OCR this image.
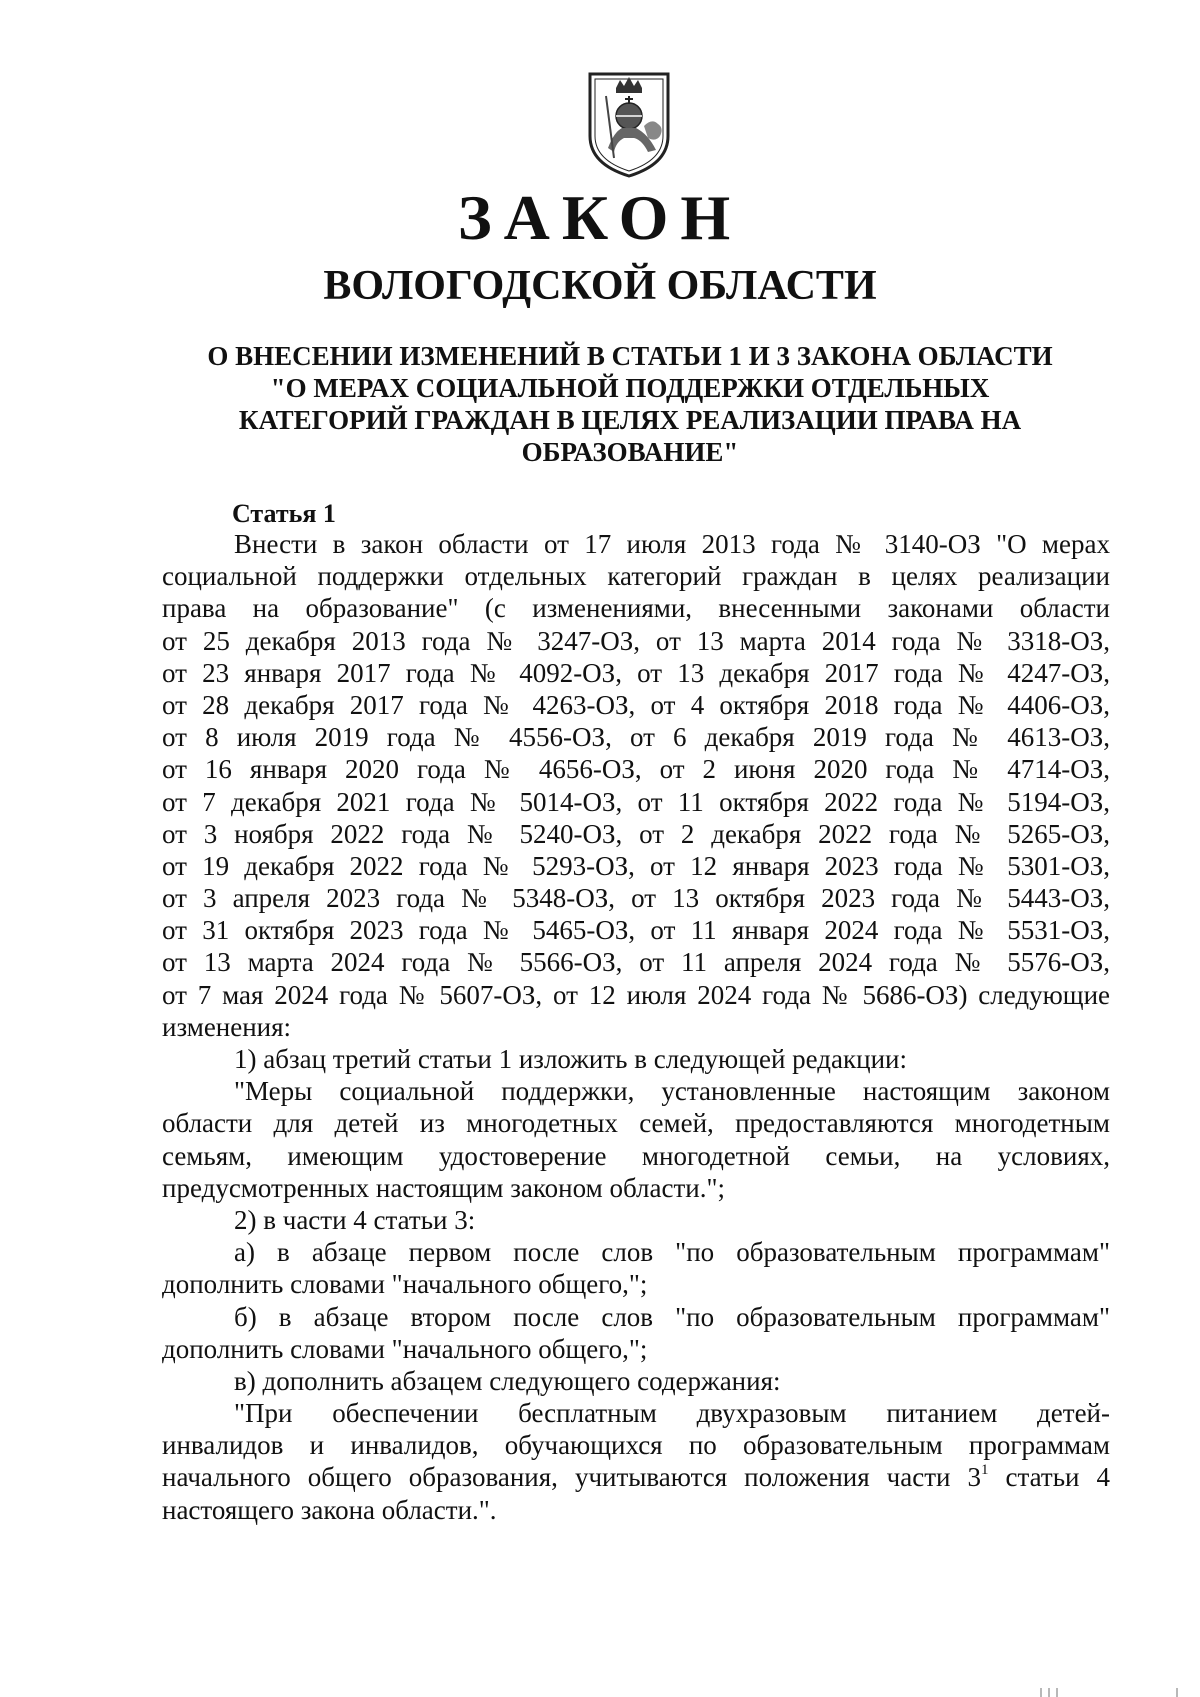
ЗАКОН
ВОЛОГОДСКОЙ ОБЛАСТИ
О ВНЕСЕНИИ ИЗМЕНЕНИЙ В СТАТЬИ 1 И 3 ЗАКОНА ОБЛАСТИ
"О МЕРАХ СОЦИАЛЬНОЙ ПОДДЕРЖКИ ОТДЕЛЬНЫХ
КАТЕГОРИЙ ГРАЖДАН В ЦЕЛЯХ РЕАЛИЗАЦИИ ПРАВА НА
ОБРАЗОВАНИЕ"
Статья 1
Внести в закон области от 17 июля 2013 года № 3140-ОЗ "О мерах
социальной поддержки отдельных категорий граждан в целях реализации
права на образование" (с изменениями, внесенными законами области
от 25 декабря 2013 года № 3247-ОЗ, от 13 марта 2014 года № 3318-ОЗ,
от 23 января 2017 года № 4092-ОЗ, от 13 декабря 2017 года № 4247-ОЗ,
от 28 декабря 2017 года № 4263-ОЗ, от 4 октября 2018 года № 4406-ОЗ,
от 8 июля 2019 года № 4556-ОЗ, от 6 декабря 2019 года № 4613-ОЗ,
от 16 января 2020 года № 4656-ОЗ, от 2 июня 2020 года № 4714-ОЗ,
от 7 декабря 2021 года № 5014-ОЗ, от 11 октября 2022 года № 5194-ОЗ,
от 3 ноября 2022 года № 5240-ОЗ, от 2 декабря 2022 года № 5265-ОЗ,
от 19 декабря 2022 года № 5293-ОЗ, от 12 января 2023 года № 5301-ОЗ,
от 3 апреля 2023 года № 5348-ОЗ, от 13 октября 2023 года № 5443-ОЗ,
от 31 октября 2023 года № 5465-ОЗ, от 11 января 2024 года № 5531-ОЗ,
от 13 марта 2024 года № 5566-ОЗ, от 11 апреля 2024 года № 5576-ОЗ,
от 7 мая 2024 года № 5607-ОЗ, от 12 июля 2024 года № 5686-ОЗ) следующие
изменения:
1) абзац третий статьи 1 изложить в следующей редакции:
"Меры социальной поддержки, установленные настоящим законом
области для детей из многодетных семей, предоставляются многодетным
семьям, имеющим удостоверение многодетной семьи, на условиях,
предусмотренных настоящим законом области.";
2) в части 4 статьи 3:
а) в абзаце первом после слов "по образовательным программам"
дополнить словами "начального общего,";
б) в абзаце втором после слов "по образовательным программам"
дополнить словами "начального общего,";
в) дополнить абзацем следующего содержания:
"При обеспечении бесплатным двухразовым питанием детей-
инвалидов и инвалидов, обучающихся по образовательным программам
начального общего образования, учитываются положения части $3^1$ статьи 4
настоящего закона области.".
